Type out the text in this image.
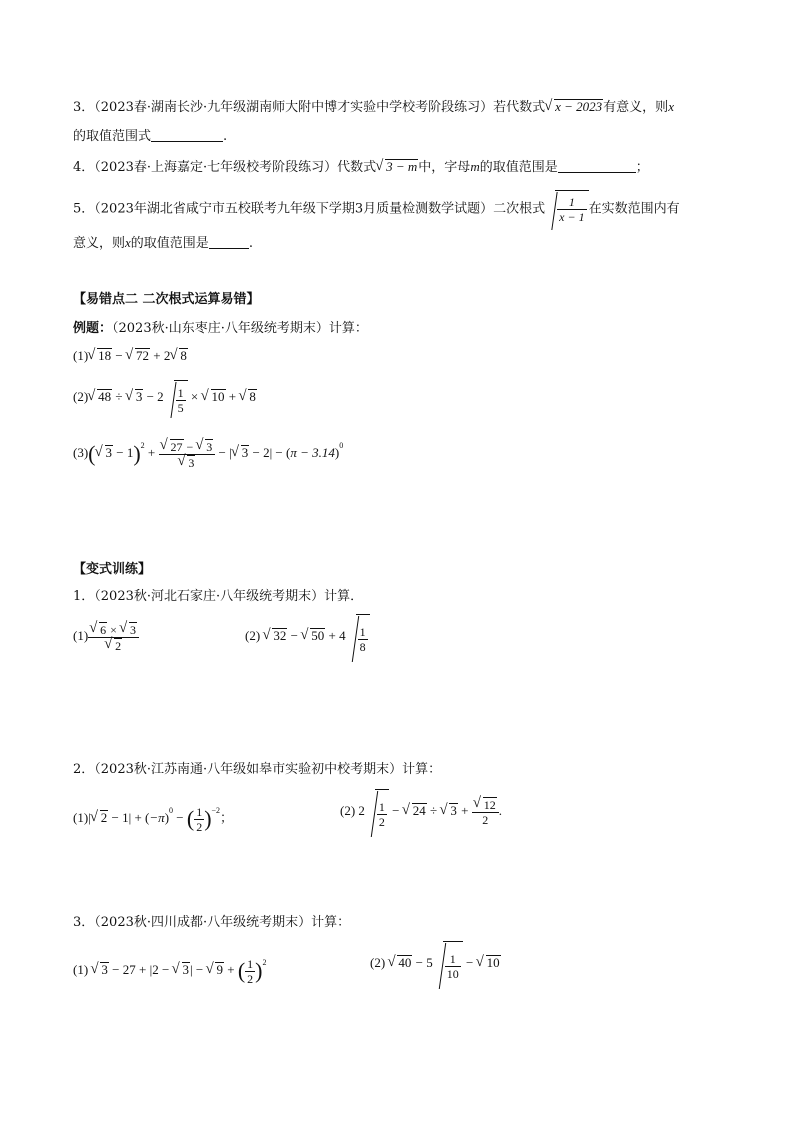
3．（2023春·湖南长沙·九年级湖南师大附中博才实验中学校考阶段练习）若代数式 √ x − 2023有意义，则x
的取值范围式	.
4．（2023春·上海嘉定·七年级校考阶段练习）代数式 √ 3 − m中，字母m的取值范围是	；
5．（2023年湖北省咸宁市五校联考九年级下学期3月质量检测数学试题）二次根式 $\frac{1}{x - 1}$ 在实数范围内有
意义，则x的取值范围是	.
【易错点二 二次根式运算易错】
例题：（2023秋·山东枣庄·八年级统考期末）计算：
(1) √ 18 − √ 72 + 2 √ 8
(2) √ 48 ÷ √ $3 - 2 \frac{1}{5}$ × √ 10 + √ 8
(3)( √ 3 − 1)$^2$ + √ 27 − √ 3
√ 3 − | √ $3 - 2| - (\pi - 3.14)^0$
【变式训练】
1．（2023秋·河北石家庄·八年级统考期末）计算．
(1) √ 6 × √ 3
√ 2	(2) √ 32 − √ $50 + 4 \frac{1}{8}$
2．（2023秋·江苏南通·八年级如皋市实验初中校考期末）计算：
(1)| √ $2 - 1| + (-\pi)^0$ − ( $\frac{1}{2} )^{-2}$；	(2) $2 \frac{1}{2}$ − √ 24 ÷ √ 3 + √ $\frac{12}{2}$ .
3．（2023秋·四川成都·八年级统考期末）计算：
(1) √ 3 − 27 + |2 − √ 3| − √ 9 + ( $\frac{1}{2} )^2$	(2) √ $40 - 5 \frac{1}{10}$ − √ 10
